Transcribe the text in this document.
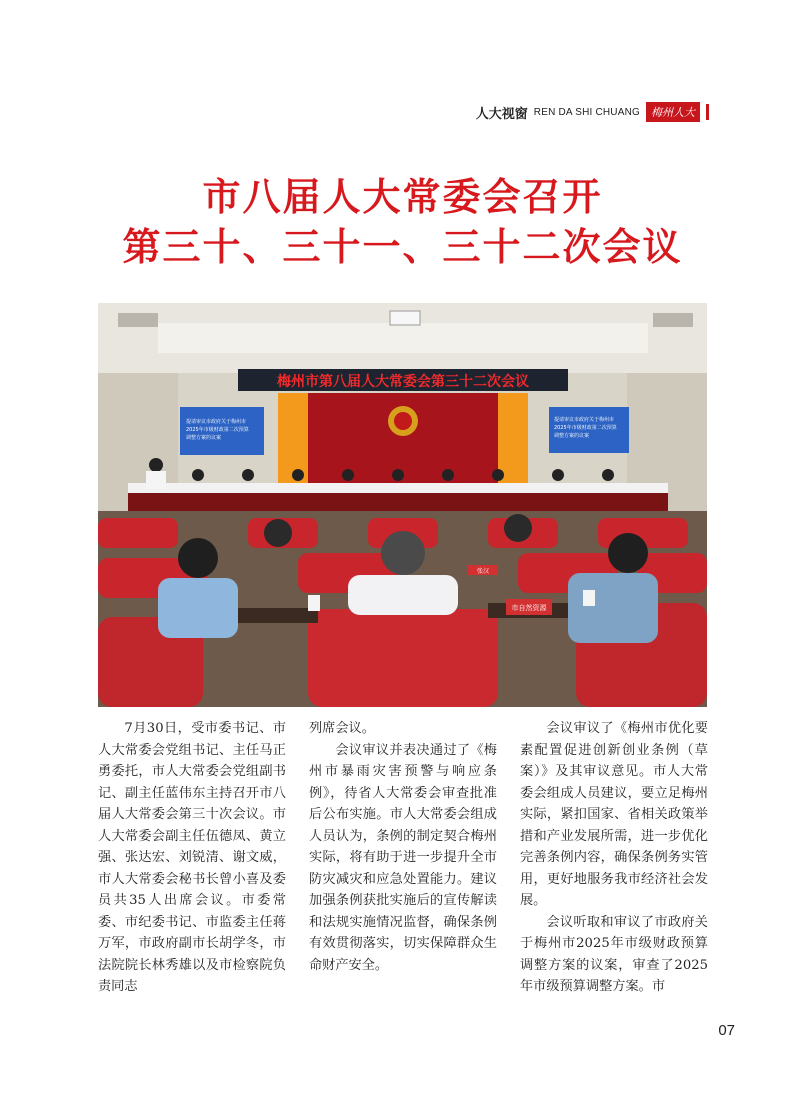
人大视窗 REN DA SHI CHUANG	梅州人大
市八届人大常委会召开
第三十、三十一、三十二次会议
梅州市第八届人大常委会第三十二次会议
提请审议市政府关于梅州市
2025年市级财政第二次预算
调整方案的议案
提请审议市政府关于梅州市
2025年市级财政第二次预算
调整方案的议案
张汉
市自然资源

7月30日，受市委书记、市人大常委会党组书记、主任马正勇委托，市人大常委会党组副书记、副主任蓝伟东主持召开市八届人大常委会第三十次会议。市人大常委会副主任伍德凤、黄立强、张达宏、刘锐清、谢文威，市人大常委会秘书长曾小喜及委员共35人出席会议。市委常委、市纪委书记、市监委主任蒋万军，市政府副市长胡学冬，市法院院长林秀雄以及市检察院负责同志

列席会议。

会议审议并表决通过了《梅州市暴雨灾害预警与响应条例》，待省人大常委会审查批准后公布实施。市人大常委会组成人员认为，条例的制定契合梅州实际，将有助于进一步提升全市防灾减灾和应急处置能力。建议加强条例获批实施后的宣传解读和法规实施情况监督，确保条例有效贯彻落实，切实保障群众生命财产安全。

会议审议了《梅州市优化要素配置促进创新创业条例（草案）》及其审议意见。市人大常委会组成人员建议，要立足梅州实际，紧扣国家、省相关政策举措和产业发展所需，进一步优化完善条例内容，确保条例务实管用，更好地服务我市经济社会发展。

会议听取和审议了市政府关于梅州市2025年市级财政预算调整方案的议案，审查了2025年市级预算调整方案。市

07
